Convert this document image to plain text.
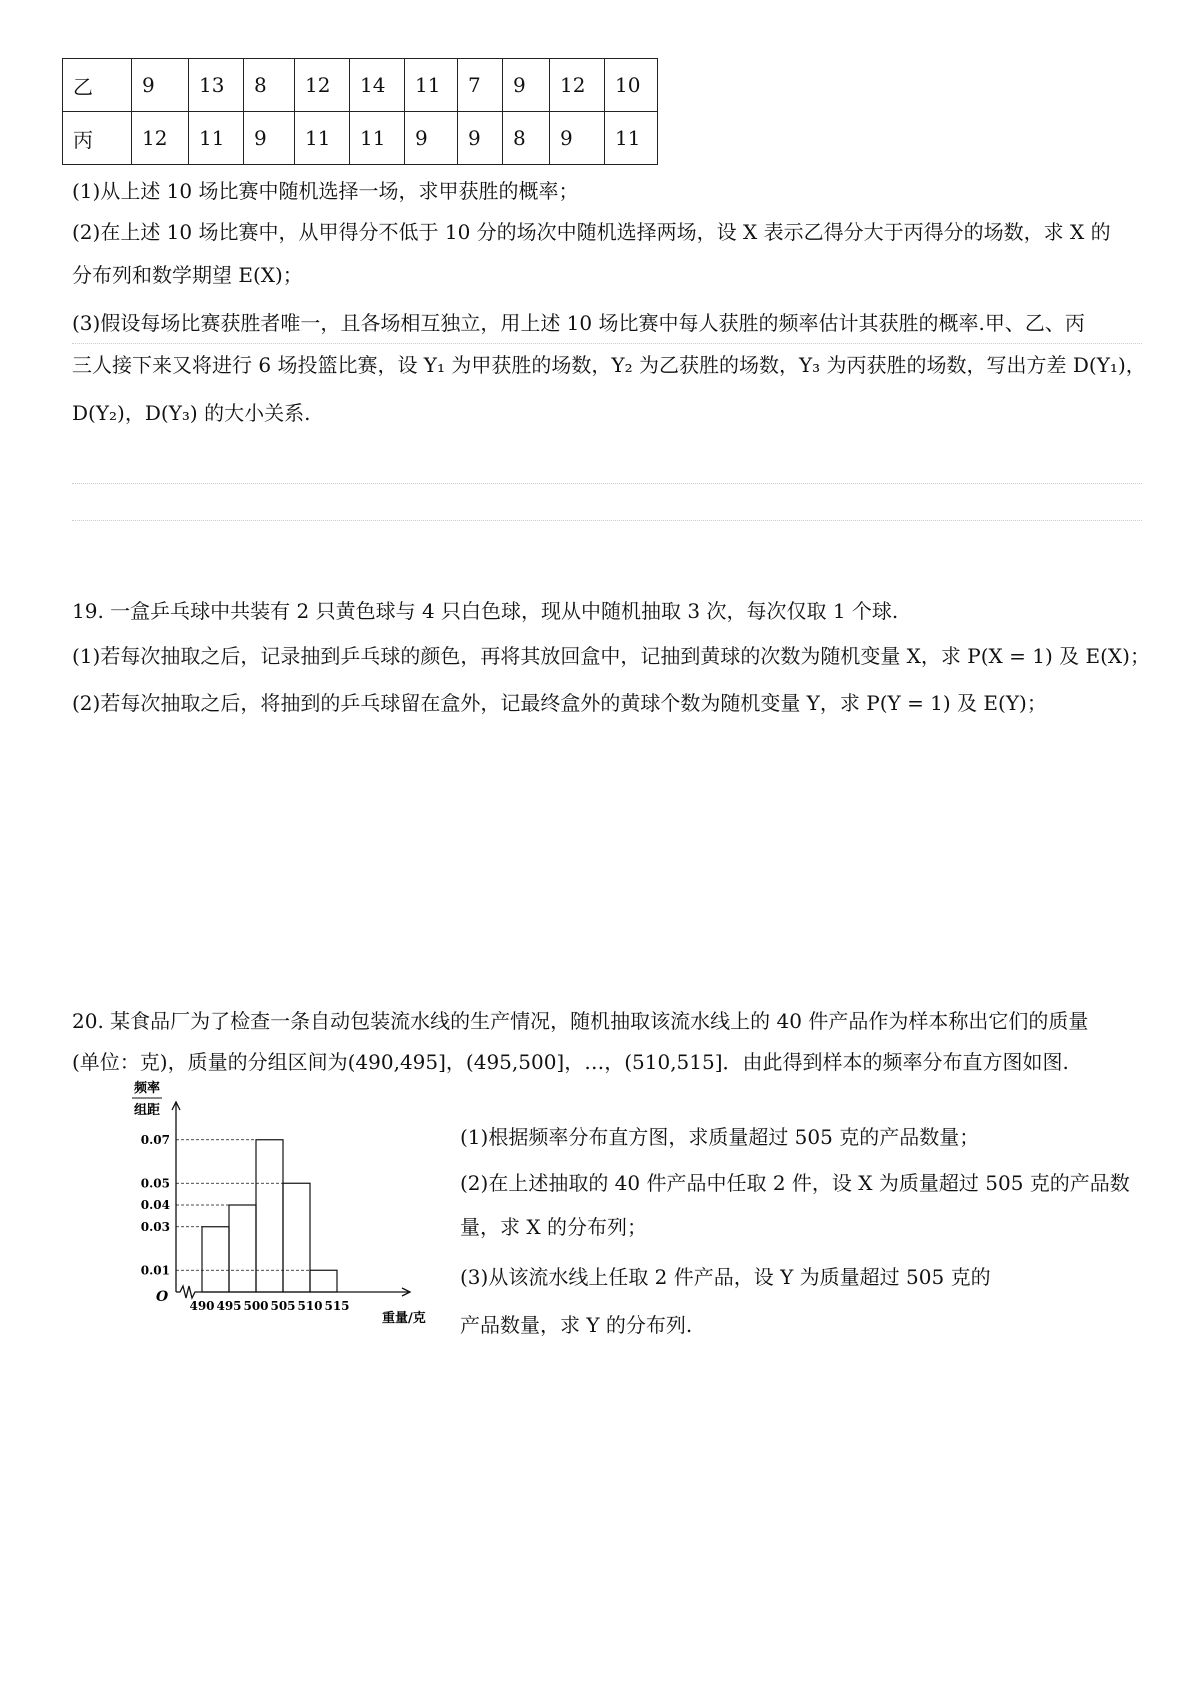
乙	9	13	8	12	14	11	7	9	12	10
丙	12	11	9	11	11	9	9	8	9	11
(1)从上述 10 场比赛中随机选择一场，求甲获胜的概率；
(2)在上述 10 场比赛中，从甲得分不低于 10 分的场次中随机选择两场，设 X 表示乙得分大于丙得分的场数，求 X 的
分布列和数学期望 E(X)；
(3)假设每场比赛获胜者唯一，且各场相互独立，用上述 10 场比赛中每人获胜的频率估计其获胜的概率.甲、乙、丙
三人接下来又将进行 6 场投篮比赛，设 Y₁ 为甲获胜的场数，Y₂ 为乙获胜的场数，Y₃ 为丙获胜的场数，写出方差 D(Y₁)，
D(Y₂)，D(Y₃) 的大小关系.
19. 一盒乒乓球中共装有 2 只黄色球与 4 只白色球，现从中随机抽取 3 次，每次仅取 1 个球.
(1)若每次抽取之后，记录抽到乒乓球的颜色，再将其放回盒中，记抽到黄球的次数为随机变量 X，求 P(X = 1) 及 E(X)；
(2)若每次抽取之后，将抽到的乒乓球留在盒外，记最终盒外的黄球个数为随机变量 Y，求 P(Y = 1) 及 E(Y)；
20. 某食品厂为了检查一条自动包装流水线的生产情况，随机抽取该流水线上的 40 件产品作为样本称出它们的质量
(单位：克)，质量的分组区间为(490,495]，(495,500]，…，(510,515]．由此得到样本的频率分布直方图如图.
(1)根据频率分布直方图，求质量超过 505 克的产品数量；
(2)在上述抽取的 40 件产品中任取 2 件，设 X 为质量超过 505 克的产品数
量，求 X 的分布列；
(3)从该流水线上任取 2 件产品，设 Y 为质量超过 505 克的
产品数量，求 Y 的分布列.
频率
组距
O
重量/克
0.01
0.03
0.04
0.05
0.07
490 495 500 505 510 515
